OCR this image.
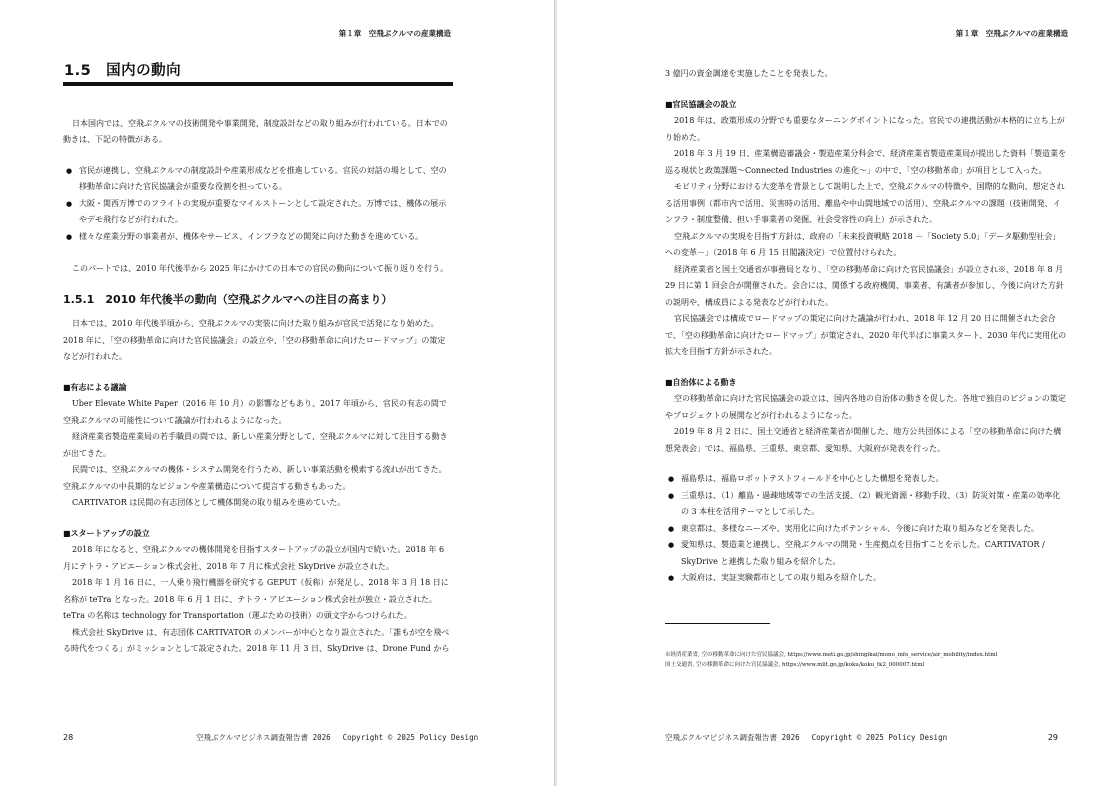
第１章　空飛ぶクルマの産業構造
1.5　国内の動向

日本国内では、空飛ぶクルマの技術開発や事業開発、制度設計などの取り組みが行われている。日本での動きは、下記の特徴がある。

● 官民が連携し、空飛ぶクルマの制度設計や産業形成などを推進している。官民の対話の場として、空の移動革命に向けた官民協議会が重要な役割を担っている。
● 大阪・関西万博でのフライトの実現が重要なマイルストーンとして設定された。万博では、機体の展示やデモ飛行などが行われた。
● 様々な産業分野の事業者が、機体やサービス、インフラなどの開発に向けた動きを進めている。

このパートでは、2010 年代後半から 2025 年にかけての日本での官民の動向について振り返りを行う。

1.5.1　2010 年代後半の動向（空飛ぶクルマへの注目の高まり）

日本では、2010 年代後半頃から、空飛ぶクルマの実装に向けた取り組みが官民で活発になり始めた。2018 年に、「空の移動革命に向けた官民協議会」の設立や、「空の移動革命に向けたロードマップ」の策定などが行われた。

■有志による議論

Uber Elevate White Paper（2016 年 10 月）の影響などもあり、2017 年頃から、官民の有志の間で空飛ぶクルマの可能性について議論が行われるようになった。

経済産業省製造産業局の若手職員の間では、新しい産業分野として、空飛ぶクルマに対して注目する動きが出てきた。

民間では、空飛ぶクルマの機体・システム開発を行うため、新しい事業活動を模索する流れが出てきた。空飛ぶクルマの中長期的なビジョンや産業構造について提言する動きもあった。

CARTIVATOR は民間の有志団体として機体開発の取り組みを進めていた。

■スタートアップの設立

2018 年になると、空飛ぶクルマの機体開発を目指すスタートアップの設立が国内で続いた。2018 年 6 月にテトラ・アビエーション株式会社、2018 年 7 月に株式会社 SkyDrive が設立された。

2018 年 1 月 16 日に、一人乗り飛行機器を研究する GEPUT（仮称）が発足し、2018 年 3 月 18 日に名称が teTra となった。2018 年 6 月 1 日に、テトラ・アビエーション株式会社が独立・設立された。teTra の名称は technology for Transportation（運ぶための技術）の頭文字からつけられた。

株式会社 SkyDrive は、有志団体 CARTIVATOR のメンバーが中心となり設立された。「誰もが空を飛べる時代をつくる」がミッションとして設定された。2018 年 11 月 3 日、SkyDrive は、Drone Fund から

28	空飛ぶクルマビジネス調査報告書 2026　 Copyright © 2025 Policy Design
第１章　空飛ぶクルマの産業構造

3 億円の資金調達を実施したことを発表した。

■官民協議会の設立

2018 年は、政策形成の分野でも重要なターニングポイントになった。官民での連携活動が本格的に立ち上がり始めた。

2018 年 3 月 19 日、産業構造審議会・製造産業分科会で、経済産業省製造産業局が提出した資料「製造業を巡る現状と政策課題～Connected Industries の進化～」の中で、「空の移動革命」が項目として入った。

モビリティ分野における大変革を背景として説明した上で、空飛ぶクルマの特徴や、国際的な動向、想定される活用事例（都市内で活用、災害時の活用、離島や中山間地域での活用）、空飛ぶクルマの課題（技術開発、インフラ・制度整備、担い手事業者の発掘、社会受容性の向上）が示された。

空飛ぶクルマの実現を目指す方針は、政府の「未来投資戦略 2018 －「Society 5.0」「データ駆動型社会」への変革－」（2018 年 6 月 15 日閣議決定）で位置付けられた。

経済産業省と国土交通省が事務局となり、「空の移動革命に向けた官民協議会」が設立され※、2018 年 8 月 29 日に第 1 回会合が開催された。会合には、関係する政府機関、事業者、有識者が参加し、今後に向けた方針の説明や、構成員による発表などが行われた。

官民協議会では構成でロードマップの策定に向けた議論が行われ、2018 年 12 月 20 日に開催された会合で、「空の移動革命に向けたロードマップ」が策定され、2020 年代半ばに事業スタート、2030 年代に実用化の拡大を目指す方針が示された。

■自治体による動き

空の移動革命に向けた官民協議会の設立は、国内各地の自治体の動きを促した。各地で独自のビジョンの策定やプロジェクトの展開などが行われるようになった。

2019 年 8 月 2 日に、国土交通省と経済産業省が開催した、地方公共団体による「空の移動革命に向けた構想発表会」では、福島県、三重県、東京都、愛知県、大阪府が発表を行った。

● 福島県は、福島ロボットテストフィールドを中心とした構想を発表した。
● 三重県は、（1）離島・過疎地域等での生活支援、（2）観光資源・移動手段、（3）防災対策・産業の効率化の 3 本柱を活用テーマとして示した。
● 東京都は、多様なニーズや、実用化に向けたポテンシャル、今後に向けた取り組みなどを発表した。
● 愛知県は、製造業と連携し、空飛ぶクルマの開発・生産拠点を目指すことを示した。CARTIVATOR / SkyDrive と連携した取り組みを紹介した。
● 大阪府は、実証実験都市としての取り組みを紹介した。
※経済産業省, 空の移動革命に向けた官民協議会, https://www.meti.go.jp/shingikai/mono_info_service/air_mobility/index.html
国土交通省, 空の移動革命に向けた官民協議会, https://www.mlit.go.jp/koku/koku_tk2_000007.html
空飛ぶクルマビジネス調査報告書 2026　 Copyright © 2025 Policy Design	29
